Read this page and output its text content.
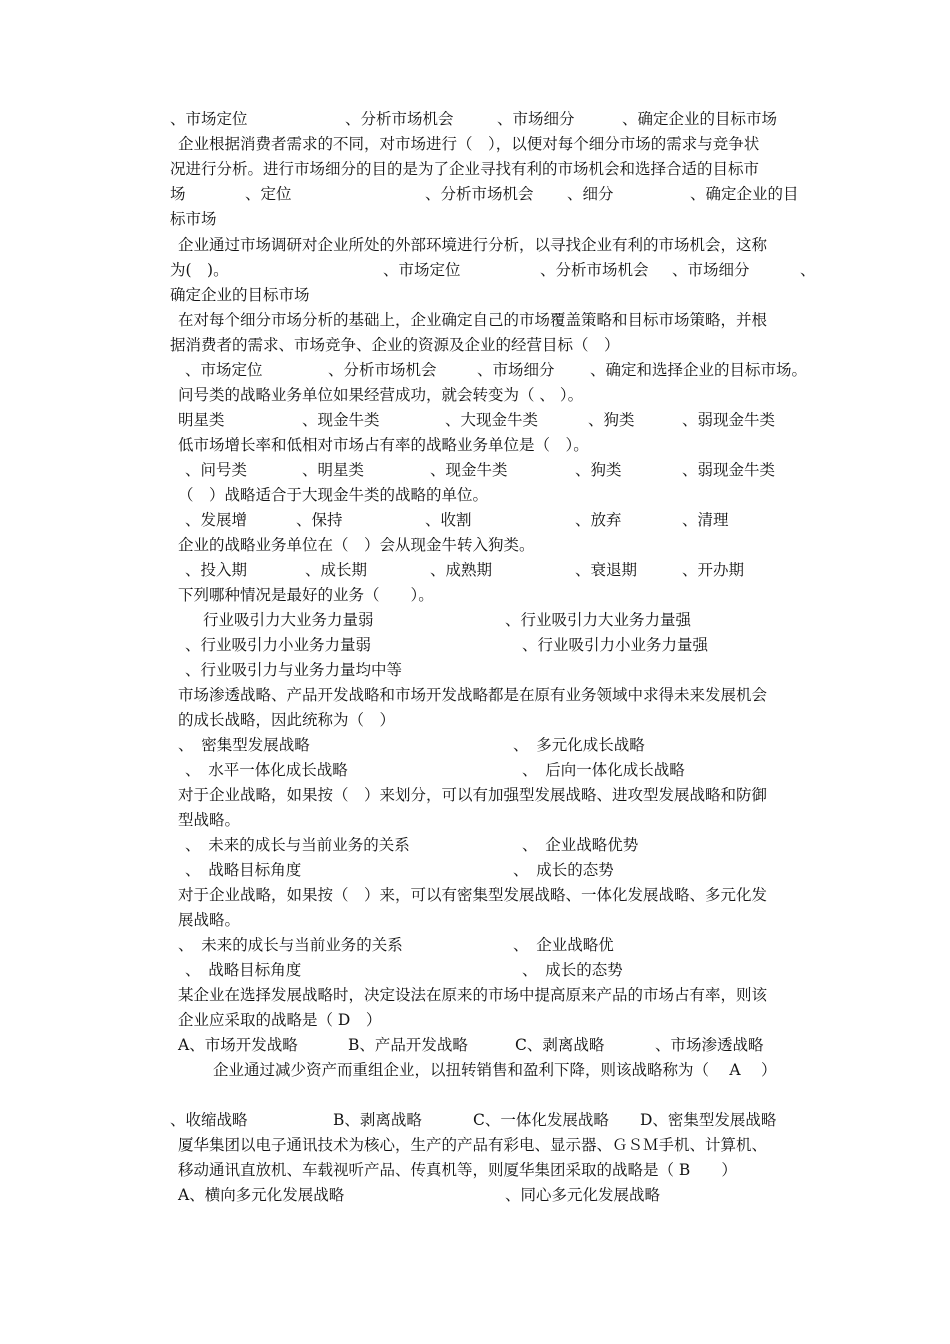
、市场定位	、分析市场机会	、市场细分	、确定企业的目标市场
企业根据消费者需求的不同，对市场进行（　），以便对每个细分市场的需求与竞争状
况进行分析。进行市场细分的目的是为了企业寻找有利的市场机会和选择合适的目标市
场	、定位	、分析市场机会 、细分	、确定企业的目
标市场
企业通过市场调研对企业所处的外部环境进行分析，以寻找企业有利的市场机会，这称
为(　)。	、市场定位	、分析市场机会 、市场细分	、
确定企业的目标市场
在对每个细分市场分析的基础上，企业确定自己的市场覆盖策略和目标市场策略，并根
据消费者的需求、市场竞争、企业的资源及企业的经营目标（　）
、市场定位	、分析市场机会	、市场细分 、确定和选择企业的目标市场。
问号类的战略业务单位如果经营成功，就会转变为（ 、 ）。
明星类	、现金牛类	、大现金牛类	、狗类	、弱现金牛类
低市场增长率和低相对市场占有率的战略业务单位是（　）。
、问号类	、明星类	、现金牛类	、狗类	、弱现金牛类
（　）战略适合于大现金牛类的战略的单位。
、发展增	、保持	、收割	、放弃	、清理
企业的战略业务单位在（　）会从现金牛转入狗类。
、投入期	、成长期	、成熟期	、衰退期	、开办期
下列哪种情况是最好的业务（　　）。
行业吸引力大业务力量弱	、行业吸引力大业务力量强
、行业吸引力小业务力量弱	、行业吸引力小业务力量强
、行业吸引力与业务力量均中等
市场渗透战略、产品开发战略和市场开发战略都是在原有业务领域中求得未来发展机会
的成长战略，因此统称为（　）
、　密集型发展战略	、　多元化成长战略
、　水平一体化成长战略	、　后向一体化成长战略
对于企业战略，如果按（　）来划分，可以有加强型发展战略、进攻型发展战略和防御
型战略。
、　未来的成长与当前业务的关系	、　企业战略优势
、　战略目标角度	、　成长的态势
对于企业战略，如果按（　）来，可以有密集型发展战略、一体化发展战略、多元化发
展战略。
、　未来的成长与当前业务的关系	、　企业战略优
、　战略目标角度	、　成长的态势
某企业在选择发展战略时，决定设法在原来的市场中提高原来产品的市场占有率，则该
企业应采取的战略是（ D　）
A、市场开发战略	B、产品开发战略	C、剥离战略	、市场渗透战略
企业通过减少资产而重组企业，以扭转销售和盈利下降，则该战略称为（　 A　 ）
、收缩战略	B、剥离战略	C、一体化发展战略 D、密集型发展战略
厦华集团以电子通讯技术为核心，生产的产品有彩电、显示器、ＧＳＭ手机、计算机、
移动通讯直放机、车载视听产品、传真机等，则厦华集团采取的战略是（ B　　）
A、横向多元化发展战略	、同心多元化发展战略
